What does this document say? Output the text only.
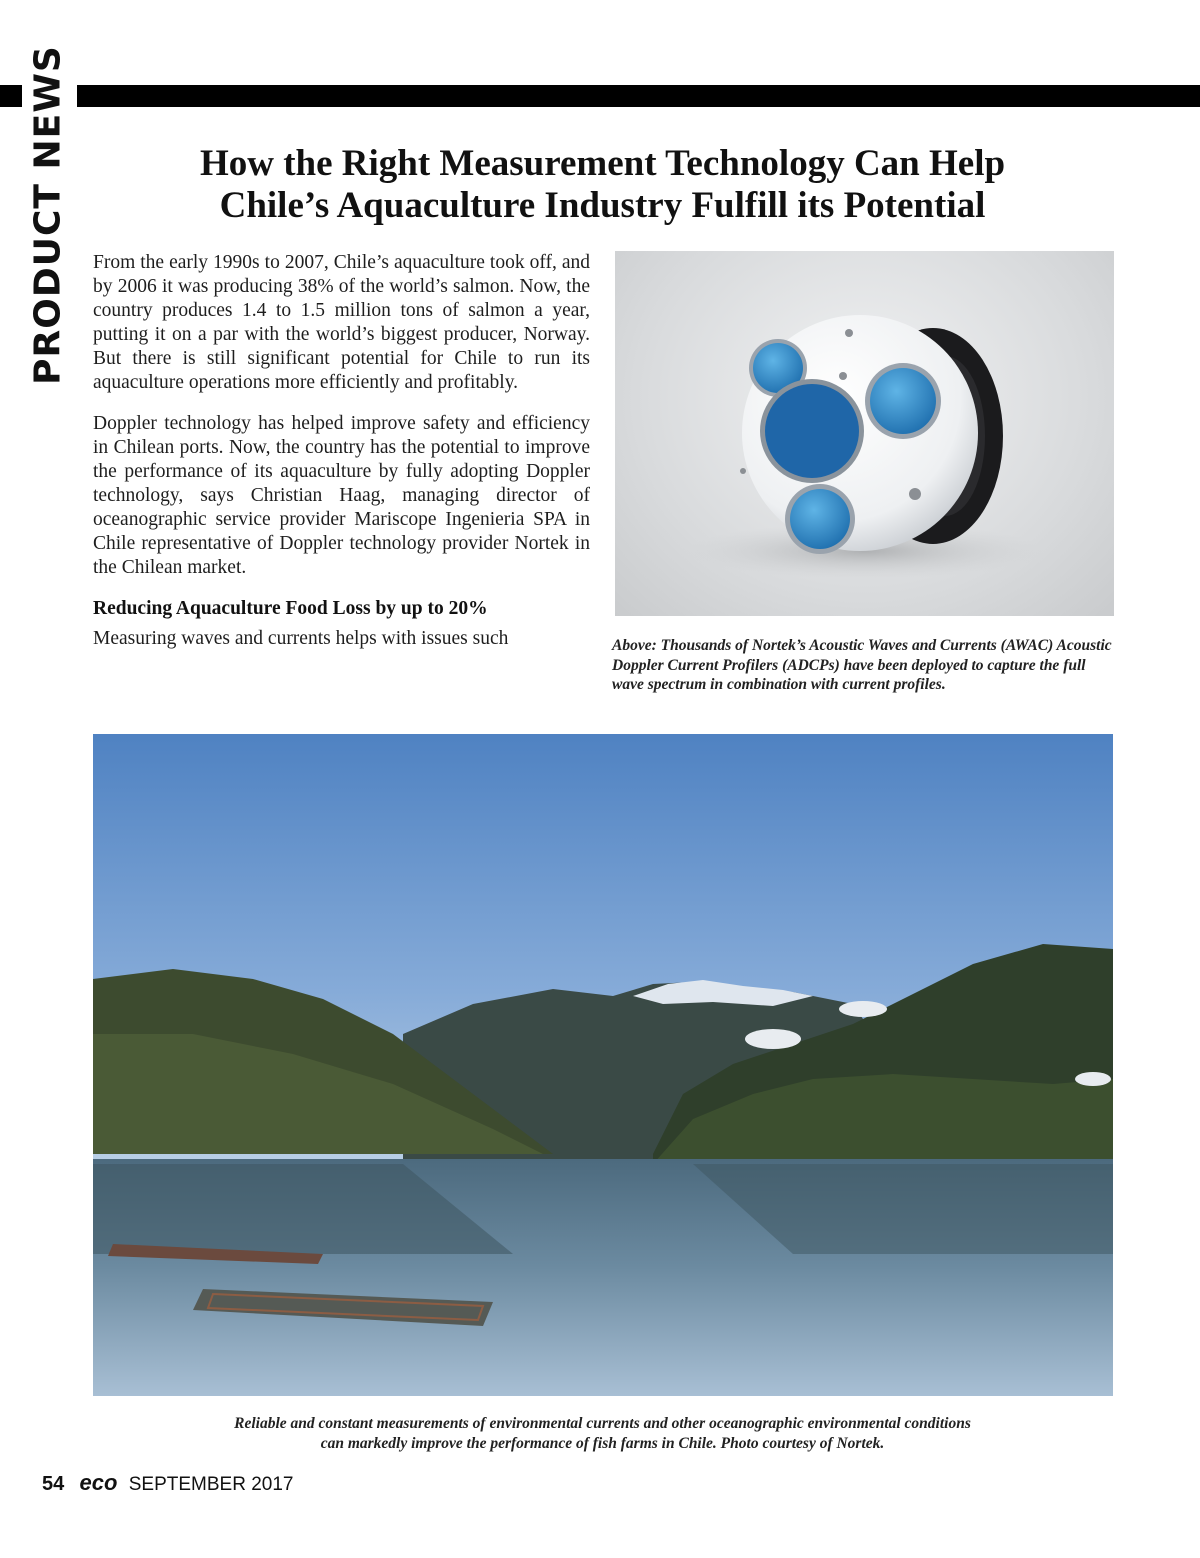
PRODUCT NEWS	How the Right Measurement Technology Can Help
Chile’s Aquaculture Industry Fulfill its Potential

From the early 1990s to 2007, Chile’s aquaculture took off, and by 2006 it was producing 38% of the world’s salmon. Now, the country produces 1.4 to 1.5 million tons of salmon a year, putting it on a par with the world’s biggest producer, Norway. But there is still significant potential for Chile to run its aquaculture operations more efficiently and profitably.

Doppler technology has helped improve safety and efficiency in Chilean ports. Now, the country has the potential to improve the performance of its aquaculture by fully adopting Doppler technology, says Christian Haag, managing director of oceanographic service provider Mariscope Ingenieria SPA in Chile representative of Doppler technology provider Nortek in the Chilean market.

Reducing Aquaculture Food Loss by up to 20%

Measuring waves and currents helps with issues such	Above: Thousands of Nortek’s Acoustic Waves and Currents (AWAC) Acoustic Doppler Current Profilers (ADCPs) have been deployed to capture the full wave spectrum in combination with current profiles.
Reliable and constant measurements of environmental currents and other oceanographic environmental conditions
can markedly improve the performance of fish farms in Chile. Photo courtesy of Nortek.
54 eco SEPTEMBER 2017
